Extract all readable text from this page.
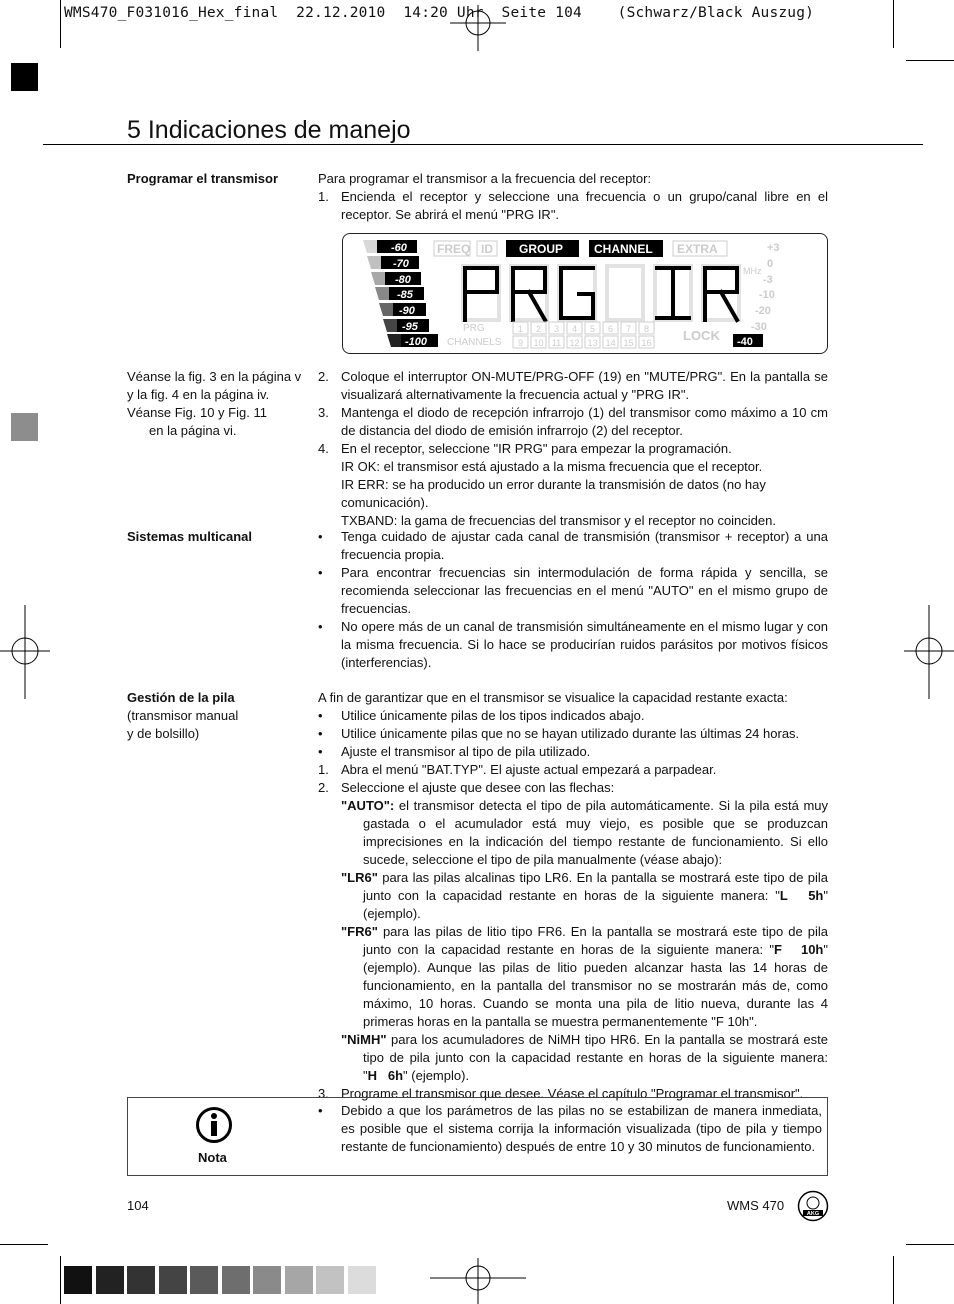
WMS470_F031016_Hex_final  22.12.2010  14:20 Uhr  Seite 104    (Schwarz/Black Auszug)
5 Indicaciones de manejo
Programar el transmisor	Para programar el transmisor a la frecuencia del receptor:
1. Encienda el receptor y seleccione una frecuencia o un grupo/canal libre en el receptor. Se abrirá el menú "PRG IR".
-60
-70
-80
-85
-90
-95
-100
FREQ ID GROUP	CHANNEL EXTRA
MHz
PRG
CHANNELS
1 2 3 4 5 6 7 8
9 10 11 12 13 14 15 16 LOCK
+3
0
-3
-10
-20
-30
-40
Véanse la fig. 3 en la página v
y la fig. 4 en la página iv.
Véanse Fig. 10 y Fig. 11
en la página vi.
2. Coloque el interruptor ON-MUTE/PRG-OFF (19) en "MUTE/PRG". En la pantalla se visualizará alternativamente la frecuencia actual y "PRG IR".
3. Mantenga el diodo de recepción infrarrojo (1) del transmisor como máximo a 10 cm de distancia del diodo de emisión infrarrojo (2) del receptor.
4. En el receptor, seleccione "IR PRG" para empezar la programación.
IR OK: el transmisor está ajustado a la misma frecuencia que el receptor.
IR ERR: se ha producido un error durante la transmisión de datos (no hay comunicación).
TXBAND: la gama de frecuencias del transmisor y el receptor no coinciden.
Sistemas multicanal	•	Tenga cuidado de ajustar cada canal de transmisión (transmisor + receptor) a una frecuencia propia.
•	Para encontrar frecuencias sin intermodulación de forma rápida y sencilla, se recomienda seleccionar las frecuencias en el menú "AUTO" en el mismo grupo de frecuencias.
•	No opere más de un canal de transmisión simultáneamente en el mismo lugar y con la misma frecuencia. Si lo hace se producirían ruidos parásitos por motivos físicos (interferencias).
Gestión de la pila
(transmisor manual
y de bolsillo)
A fin de garantizar que en el transmisor se visualice la capacidad restante exacta:
•	Utilice únicamente pilas de los tipos indicados abajo.
•	Utilice únicamente pilas que no se hayan utilizado durante las últimas 24 horas.
•	Ajuste el transmisor al tipo de pila utilizado.
1. Abra el menú "BAT.TYP". El ajuste actual empezará a parpadear.
2. Seleccione el ajuste que desee con las flechas:
"AUTO": el transmisor detecta el tipo de pila automáticamente. Si la pila está muy gastada o el acumulador está muy viejo, es posible que se produzcan imprecisiones en la indicación del tiempo restante de funcionamiento. Si ello sucede, seleccione el tipo de pila manualmente (véase abajo):
"LR6" para las pilas alcalinas tipo LR6. En la pantalla se mostrará este tipo de pila junto con la capacidad restante en horas de la siguiente manera: "L   5h" (ejemplo).
"FR6" para las pilas de litio tipo FR6. En la pantalla se mostrará este tipo de pila junto con la capacidad restante en horas de la siguiente manera: "F   10h" (ejemplo). Aunque las pilas de litio pueden alcanzar hasta las 14 horas de funcionamiento, en la pantalla del transmisor no se mostrarán más de, como máximo, 10 horas. Cuando se monta una pila de litio nueva, durante las 4 primeras horas en la pantalla se muestra permanentemente "F 10h".
"NiMH" para los acumuladores de NiMH tipo HR6. En la pantalla se mostrará este tipo de pila junto con la capacidad restante en horas de la siguiente manera: "H   6h" (ejemplo).
3. Programe el transmisor que desee. Véase el capítulo "Programar el transmisor".
Nota
•	Debido a que los parámetros de las pilas no se estabilizan de manera inmediata, es posible que el sistema corrija la información visualizada (tipo de pila y tiempo restante de funcionamiento) después de entre 10 y 30 minutos de funcionamiento.
104	WMS 470
AKG
